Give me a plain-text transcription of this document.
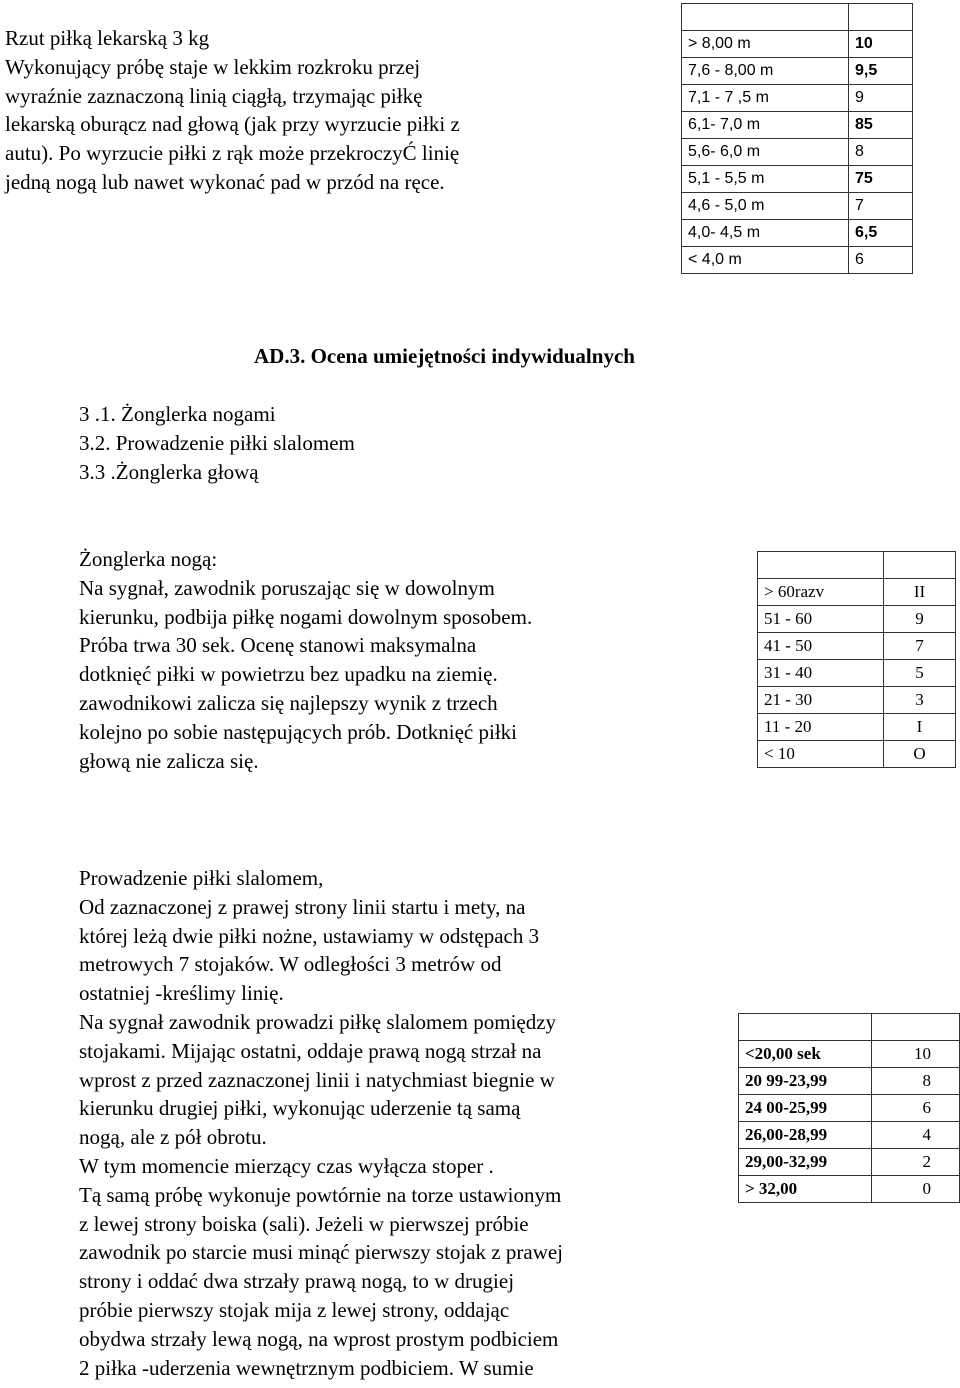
Rzut piłką lekarską 3 kg
Wykonujący próbę staje w lekkim rozkroku przej
wyraźnie zaznaczoną linią ciągłą, trzymając piłkę
lekarską oburącz nad głową (jak przy wyrzucie piłki z
autu). Po wyrzucie piłki z rąk może przekroczyĆ linię
jedną nogą lub nawet wykonać pad w przód na ręce.

> 8,00 m	10
7,6 - 8,00 m	9,5
7,1 - 7 ,5 m	9
6,1- 7,0 m	85
5,6- 6,0 m	8
5,1 - 5,5 m	75
4,6 - 5,0 m	7
4,0- 4,5 m	6,5
< 4,0 m	6
AD.3. Ocena umiejętności indywidualnych
3 .1. Żonglerka nogami
3.2. Prowadzenie piłki slalomem
3.3 .Żonglerka głową
Żonglerka nogą:
Na sygnał, zawodnik poruszając się w dowolnym
kierunku, podbija piłkę nogami dowolnym sposobem.
Próba trwa 30 sek. Ocenę stanowi maksymalna
dotknięć piłki w powietrzu bez upadku na ziemię.
zawodnikowi zalicza się najlepszy wynik z trzech
kolejno po sobie następujących prób. Dotknięć piłki
głową nie zalicza się.

> 60razv	II
51 - 60	9
41 - 50	7
31 - 40	5
21 - 30	3
11 - 20	I
< 10	O
Prowadzenie piłki slalomem,
Od zaznaczonej z prawej strony linii startu i mety, na
której leżą dwie piłki nożne, ustawiamy w odstępach 3
metrowych 7 stojaków. W odległości 3 metrów od
ostatniej -kreślimy linię.
Na sygnał zawodnik prowadzi piłkę slalomem pomiędzy
stojakami. Mijając ostatni, oddaje prawą nogą strzał na
wprost z przed zaznaczonej linii i natychmiast biegnie w
kierunku drugiej piłki, wykonując uderzenie tą samą
nogą, ale z pół obrotu.
W tym momencie mierzący czas wyłącza stoper .
Tą samą próbę wykonuje powtórnie na torze ustawionym
z lewej strony boiska (sali). Jeżeli w pierwszej próbie
zawodnik po starcie musi minąć pierwszy stojak z prawej
strony i oddać dwa strzały prawą nogą, to w drugiej
próbie pierwszy stojak mija z lewej strony, oddając
obydwa strzały lewą nogą, na wprost prostym podbiciem
2 piłka -uderzenia wewnętrznym podbiciem. W sumie

<20,00 sek	10
20 99-23,99	8
24 00-25,99	6
26,00-28,99	4
29,00-32,99	2
> 32,00	0
